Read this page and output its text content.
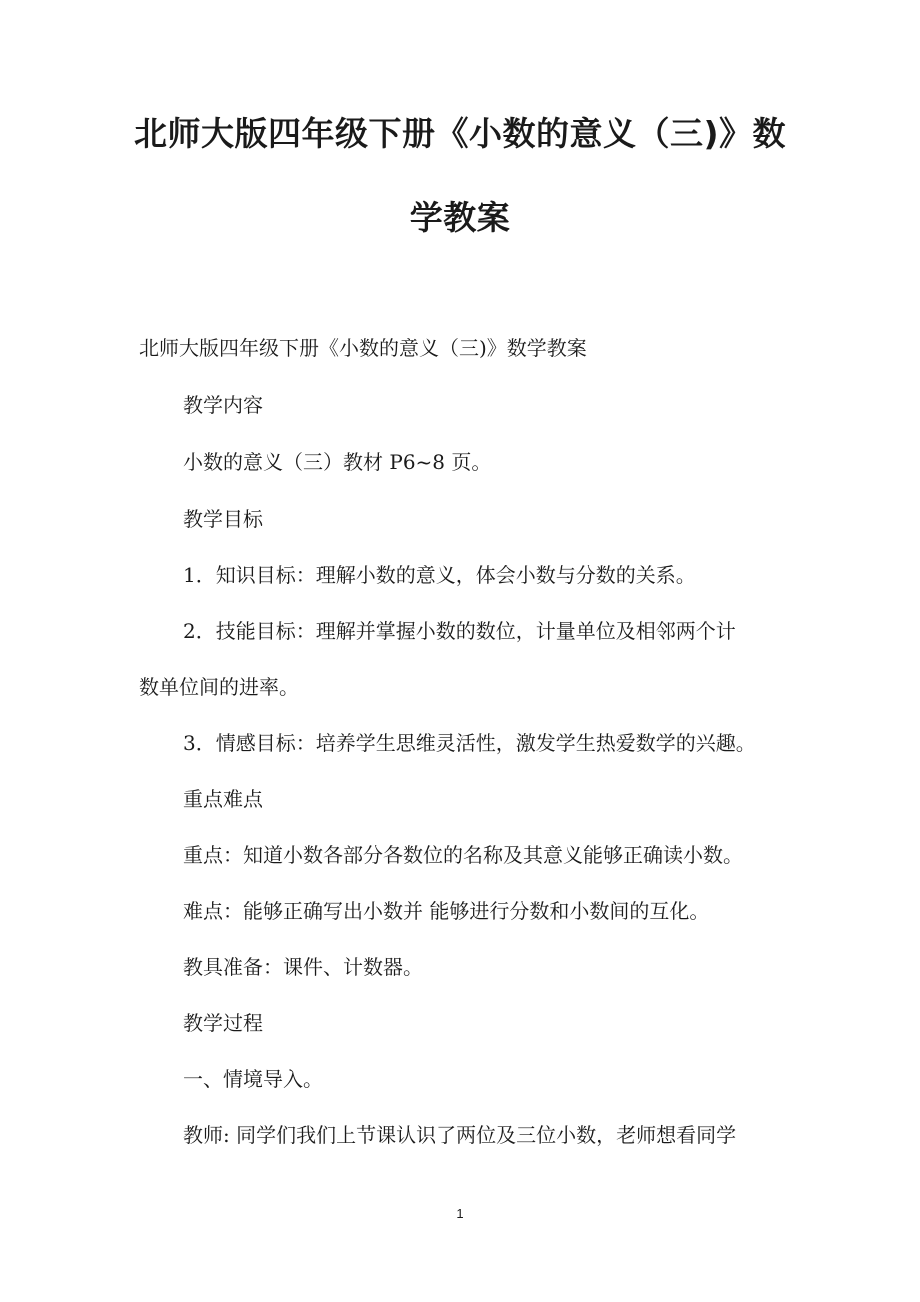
北师大版四年级下册《小数的意义（三)》数
学教案
北师大版四年级下册《小数的意义（三)》数学教案
教学内容
小数的意义（三）教材 P6~8 页。
教学目标
1．知识目标：理解小数的意义，体会小数与分数的关系。
2．技能目标：理解并掌握小数的数位，计量单位及相邻两个计
数单位间的进率。
3．情感目标：培养学生思维灵活性，激发学生热爱数学的兴趣。
重点难点
重点：知道小数各部分各数位的名称及其意义能够正确读小数。
难点：能够正确写出小数并 能够进行分数和小数间的互化。
教具准备：课件、计数器。
教学过程
一、情境导入。
教师: 同学们我们上节课认识了两位及三位小数，老师想看同学
1
